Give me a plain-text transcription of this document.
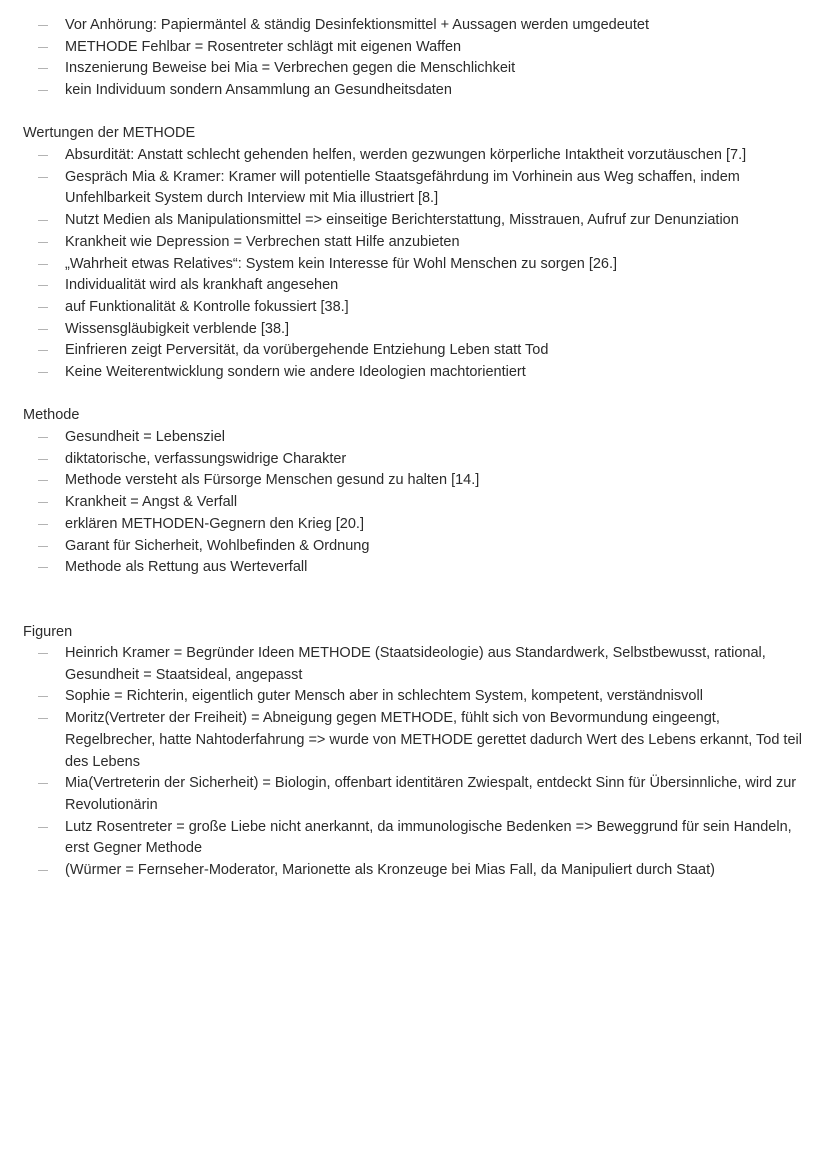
Vor Anhörung: Papiermäntel & ständig Desinfektionsmittel + Aussagen werden umgedeutet
METHODE Fehlbar = Rosentreter schlägt mit eigenen Waffen
Inszenierung Beweise bei Mia = Verbrechen gegen die Menschlichkeit
kein Individuum sondern Ansammlung an Gesundheitsdaten
Wertungen der METHODE
Absurdität: Anstatt schlecht gehenden helfen, werden gezwungen körperliche Intaktheit vorzutäuschen [7.]
Gespräch Mia & Kramer: Kramer will potentielle Staatsgefährdung im Vorhinein aus Weg schaffen, indem Unfehlbarkeit System durch Interview mit Mia illustriert [8.]
Nutzt Medien als Manipulationsmittel => einseitige Berichterstattung, Misstrauen, Aufruf zur Denunziation
Krankheit wie Depression = Verbrechen statt Hilfe anzubieten
„Wahrheit etwas Relatives“: System kein Interesse für Wohl Menschen zu sorgen [26.]
Individualität wird als krankhaft angesehen
auf Funktionalität & Kontrolle fokussiert [38.]
Wissensgläubigkeit verblende [38.]
Einfrieren zeigt Perversität, da vorübergehende Entziehung Leben statt Tod
Keine Weiterentwicklung sondern wie andere Ideologien machtorientiert
Methode
Gesundheit = Lebensziel
diktatorische, verfassungswidrige Charakter
Methode versteht als Fürsorge Menschen gesund zu halten [14.]
Krankheit = Angst & Verfall
erklären METHODEN-Gegnern den Krieg [20.]
Garant für Sicherheit, Wohlbefinden & Ordnung
Methode als Rettung aus Werteverfall
Figuren
Heinrich Kramer = Begründer Ideen METHODE (Staatsideologie) aus Standardwerk, Selbstbewusst, rational, Gesundheit = Staatsideal, angepasst
Sophie = Richterin, eigentlich guter Mensch aber in schlechtem System, kompetent, verständnisvoll
Moritz(Vertreter der Freiheit) = Abneigung gegen METHODE, fühlt sich von Bevormundung eingeengt, Regelbrecher, hatte Nahtoderfahrung => wurde von METHODE gerettet dadurch Wert des Lebens erkannt, Tod teil des Lebens
Mia(Vertreterin der Sicherheit) = Biologin, offenbart identitären Zwiespalt, entdeckt Sinn für Übersinnliche, wird zur Revolutionärin
Lutz Rosentreter = große Liebe nicht anerkannt, da immunologische Bedenken => Beweggrund für sein Handeln, erst Gegner Methode
(Würmer = Fernseher-Moderator, Marionette als Kronzeuge bei Mias Fall, da Manipuliert durch Staat)
